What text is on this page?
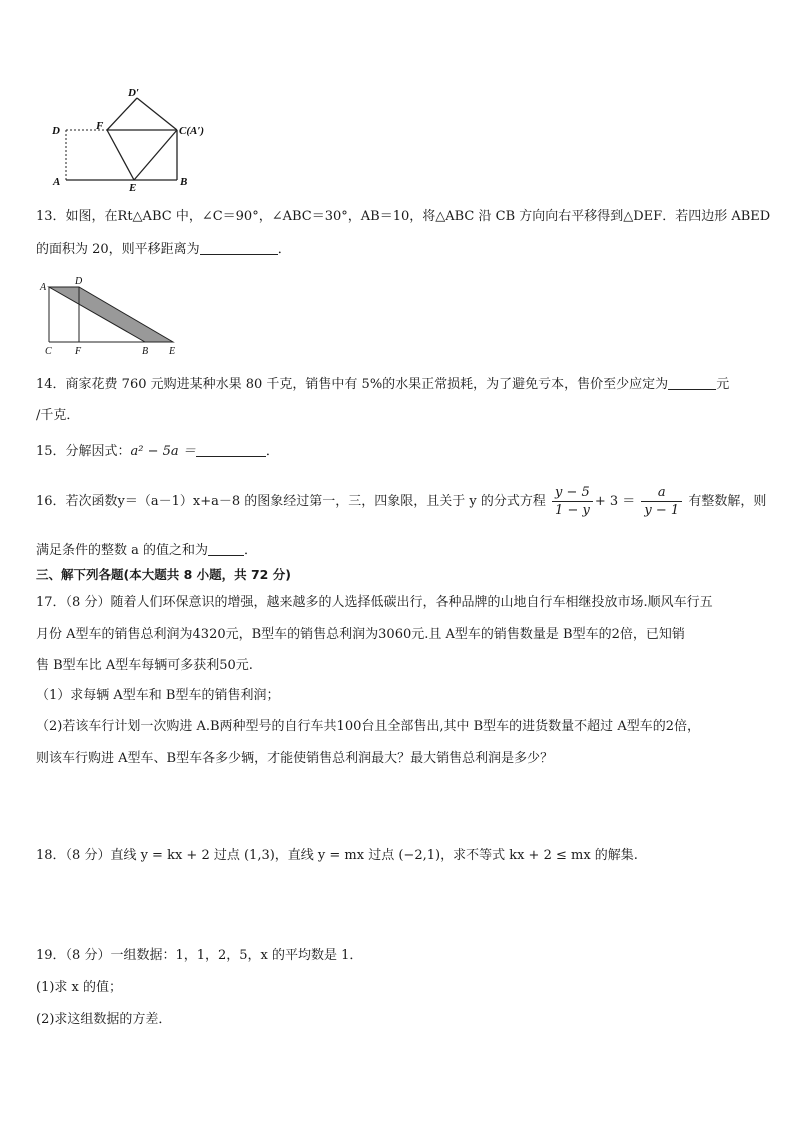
D′
D	F	C(A′)
A	E	B
13．如图，在Rt△ABC 中，∠C＝90°，∠ABC＝30°，AB＝10，将△ABC 沿 CB 方向向右平移得到△DEF．若四边形 ABED
的面积为 20，则平移距离为	．
A
D
C F	B E
14．商家花费 760 元购进某种水果 80 千克，销售中有 5%的水果正常损耗，为了避免亏本，售价至少应定为	元
/千克．
15．分解因式：a² − 5a ＝	．
16．若次函数y＝（a－1）x+a－8 的图象经过第一，三，四象限，且关于 y 的分式方程 $\frac{y - 5}{1 - y} + 3 = \frac{a}{y - 1}$ 有整数解，则
满足条件的整数 a 的值之和为	．
三、解下列各题(本大题共 8 小题，共 72 分)
17．（8 分）随着人们环保意识的增强，越来越多的人选择低碳出行，各种品牌的山地自行车相继投放市场.顺风车行五
月份 A型车的销售总利润为4320元，B型车的销售总利润为3060元.且 A型车的销售数量是 B型车的2倍，已知销
售 B型车比 A型车每辆可多获利50元.
（1）求每辆 A型车和 B型车的销售利润；
（2)若该车行计划一次购进 A.B两种型号的自行车共100台且全部售出,其中 B型车的进货数量不超过 A型车的2倍，
则该车行购进 A型车、B型车各多少辆，才能使销售总利润最大？最大销售总利润是多少？
18．（8 分）直线 y = kx + 2 过点 (1,3)，直线 y = mx 过点 (−2,1)，求不等式 kx + 2 ≤ mx 的解集.
19．（8 分）一组数据：1，1，2，5，x 的平均数是 1．
(1)求 x 的值；
(2)求这组数据的方差．
